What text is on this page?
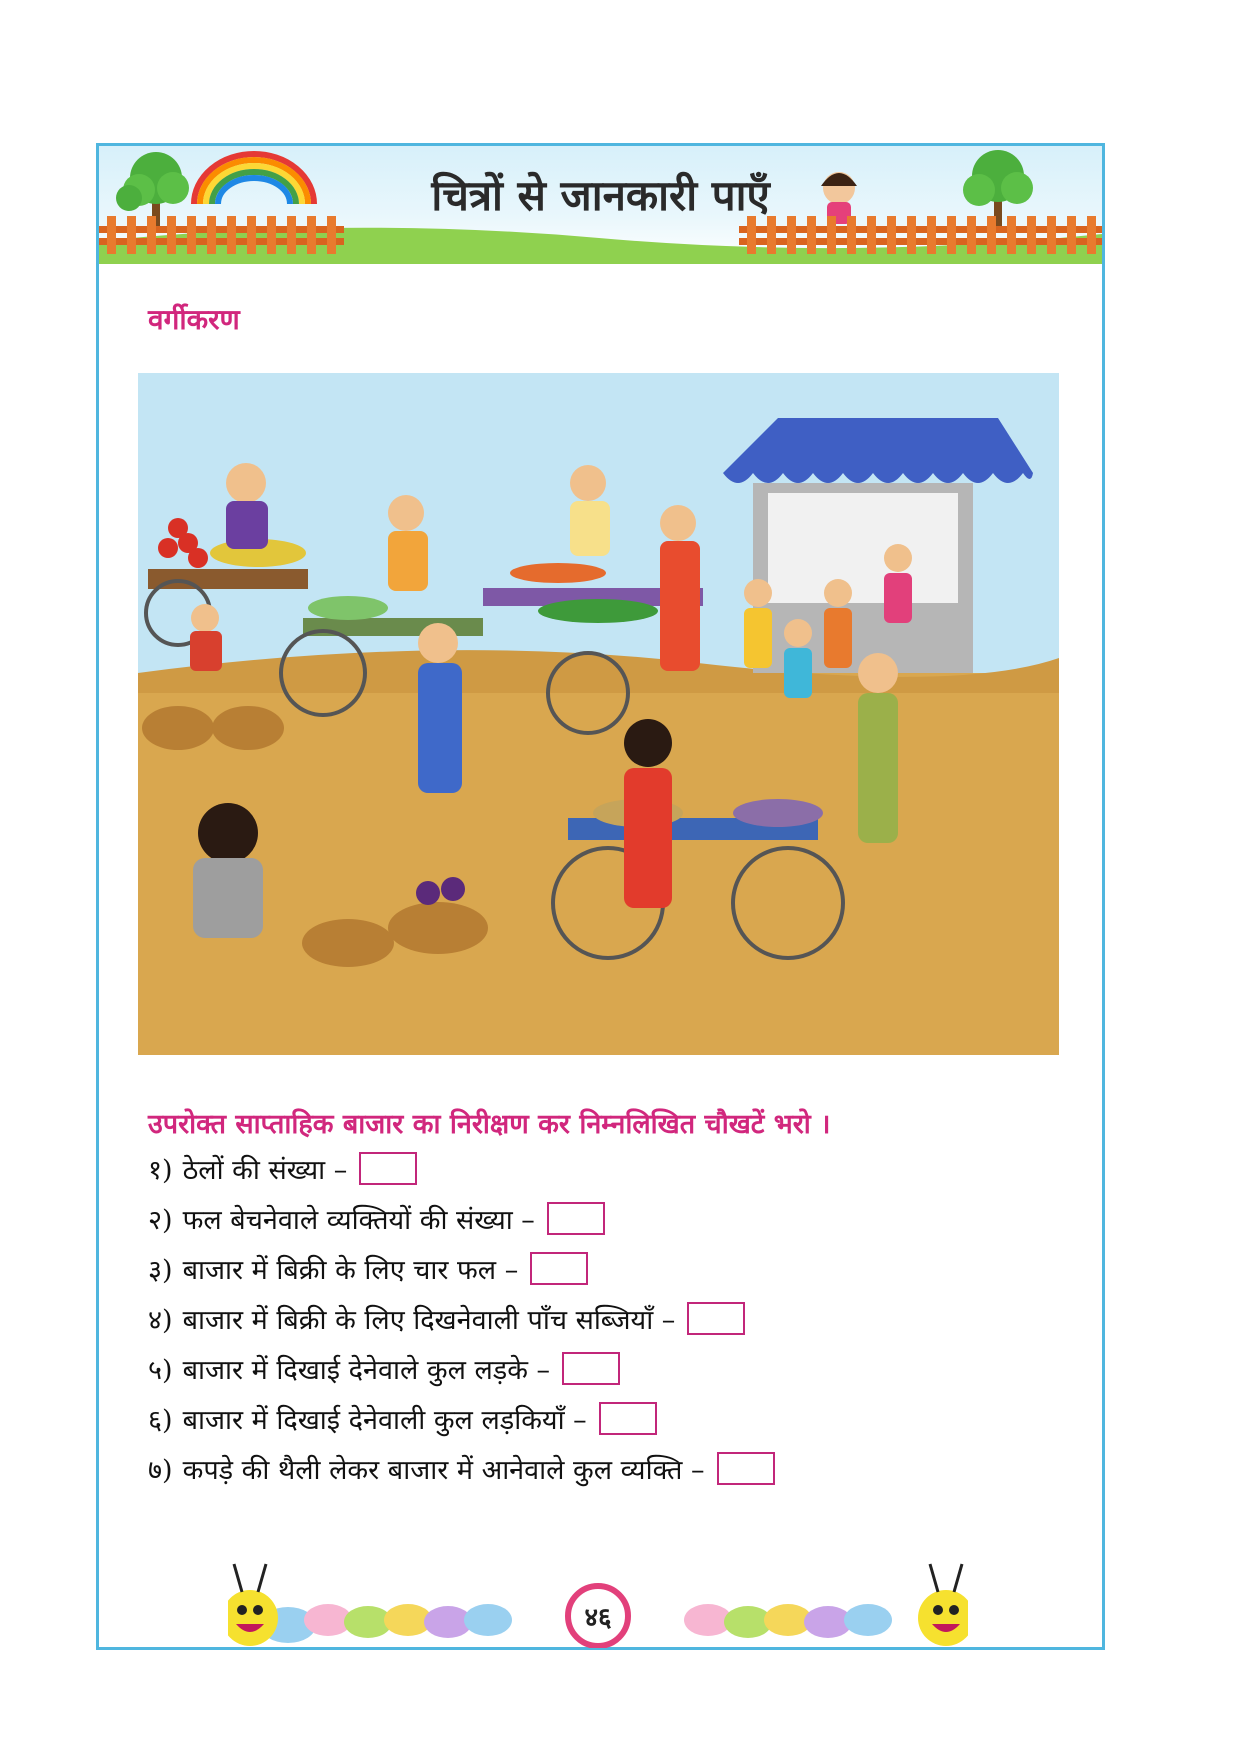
चित्रों से जानकारी पाएँ
वर्गीकरण
उपरोक्त साप्ताहिक बाजार का निरीक्षण कर निम्नलिखित चौखटें भरो ।
१) ठेलों की संख्या –
२) फल बेचनेवाले व्यक्तियों की संख्या –
३) बाजार में बिक्री के लिए चार फल –
४) बाजार में बिक्री के लिए दिखनेवाली पाँच सब्जियाँ –
५) बाजार में दिखाई देनेवाले कुल लड़के –
६) बाजार में दिखाई देनेवाली कुल लड़कियाँ –
७) कपड़े की थैली लेकर बाजार में आनेवाले कुल व्यक्ति –
४६
